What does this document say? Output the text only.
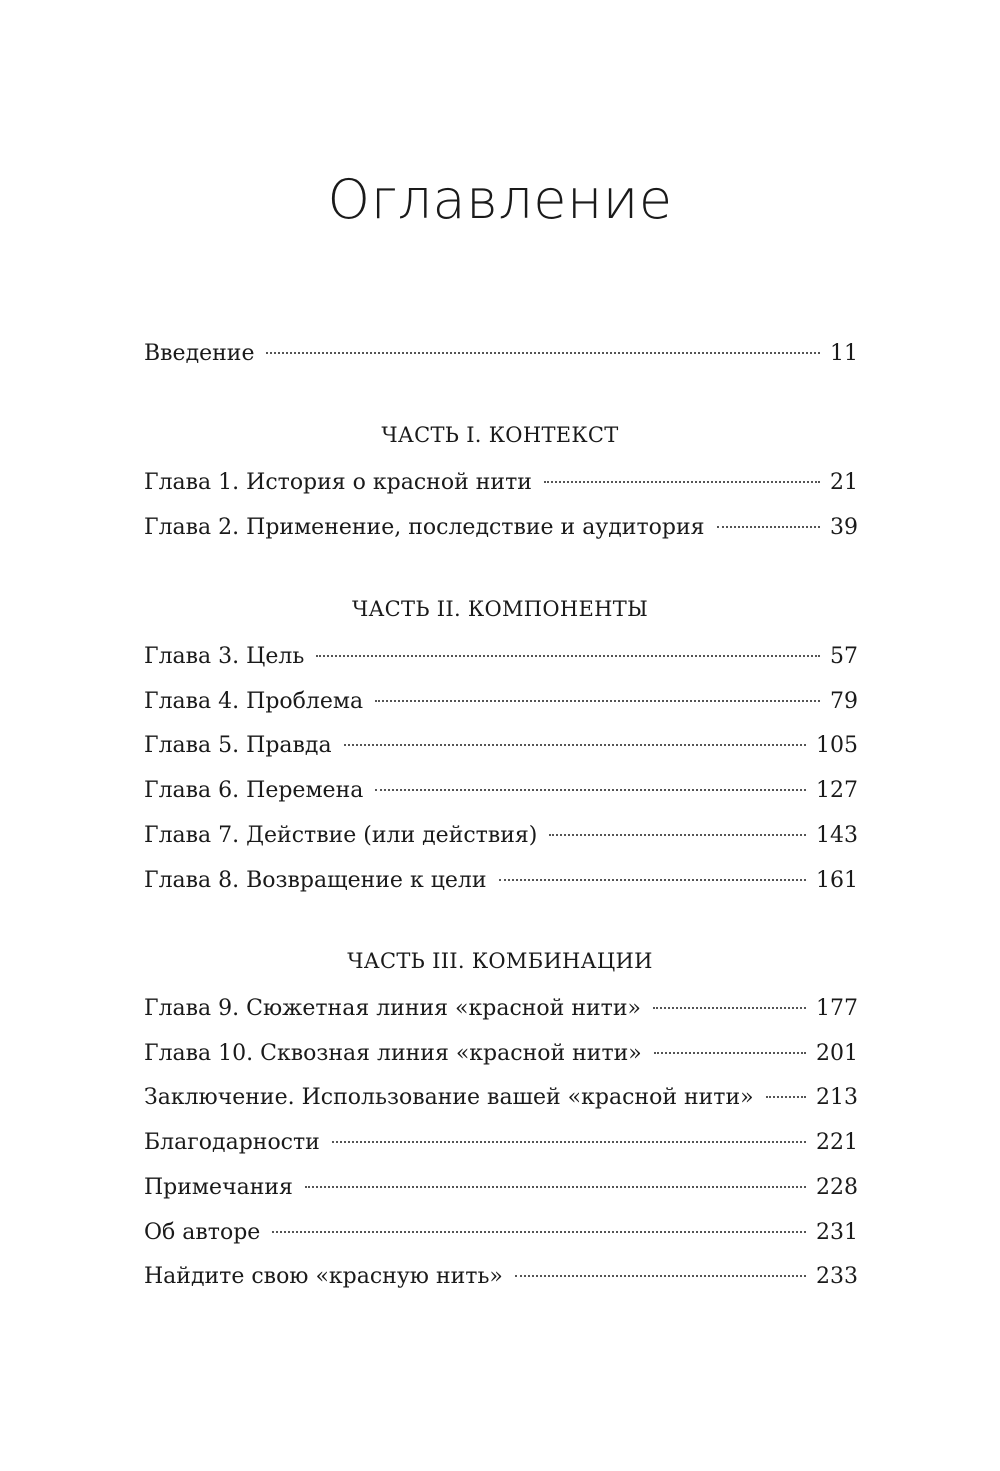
Оглавление
Введение	11
ЧАСТЬ I. КОНТЕКСТ
Глава 1. История о красной нити	21
Глава 2. Применение, последствие и аудитория	39
ЧАСТЬ II. КОМПОНЕНТЫ
Глава 3. Цель	57
Глава 4. Проблема	79
Глава 5. Правда	105
Глава 6. Перемена	127
Глава 7. Действие (или действия)	143
Глава 8. Возвращение к цели	161
ЧАСТЬ III. КОМБИНАЦИИ
Глава 9. Сюжетная линия «красной нити»	177
Глава 10. Сквозная линия «красной нити»	201
Заключение. Использование вашей «красной нити»	213
Благодарности	221
Примечания	228
Об авторе	231
Найдите свою «красную нить»	233
